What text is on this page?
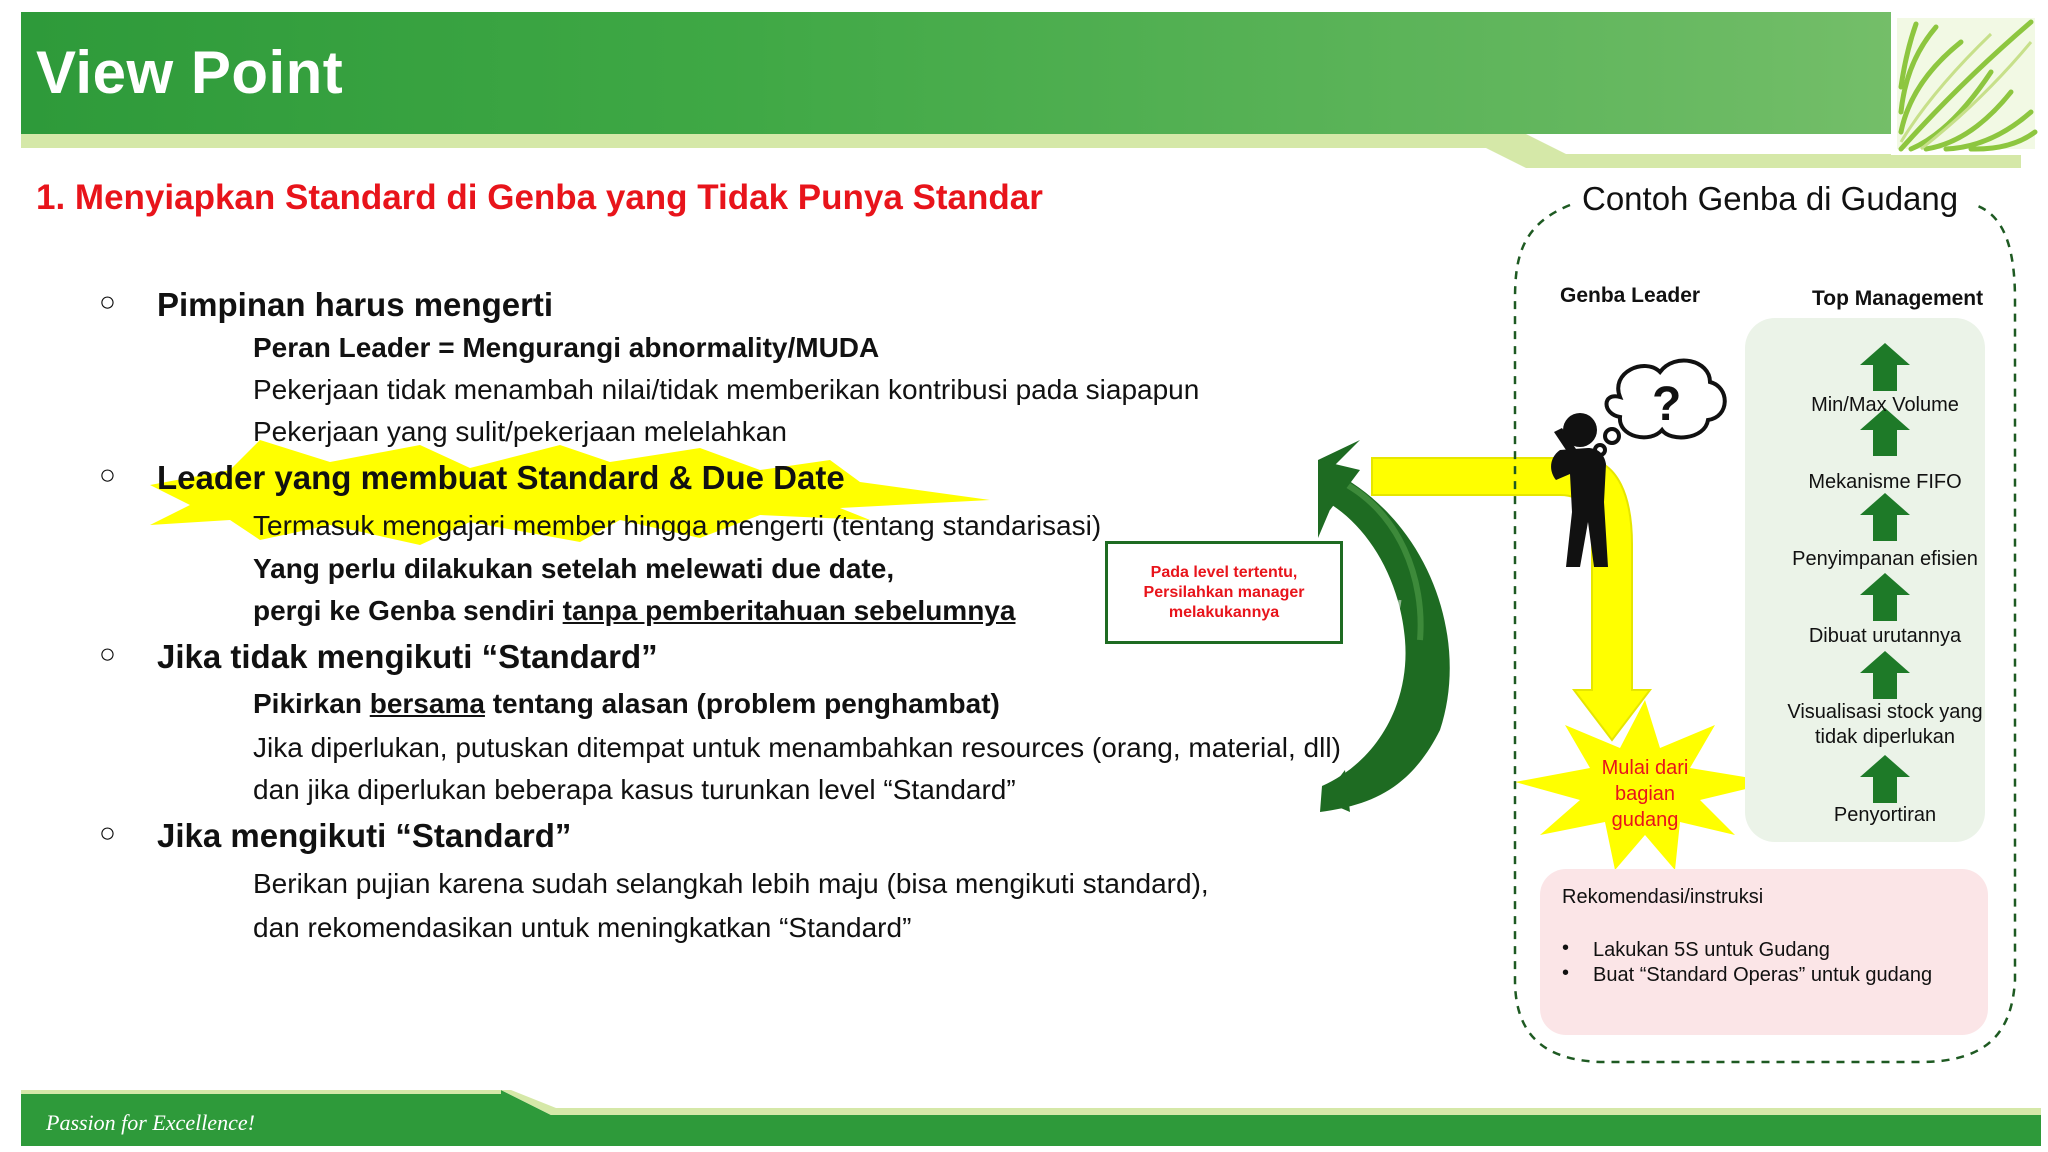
View Point
1. Menyiapkan Standard di Genba yang Tidak Punya Standar
○ Pimpinan harus mengerti
Peran Leader = Mengurangi abnormality/MUDA
Pekerjaan tidak menambah nilai/tidak memberikan kontribusi pada siapapun
Pekerjaan yang sulit/pekerjaan melelahkan
○ Leader yang membuat Standard & Due Date
Termasuk mengajari member hingga mengerti (tentang standarisasi)
Yang perlu dilakukan setelah melewati due date,
pergi ke Genba sendiri tanpa pemberitahuan sebelumnya
○ Jika tidak mengikuti “Standard”
Pikirkan bersama tentang alasan (problem penghambat)
Jika diperlukan, putuskan ditempat untuk menambahkan resources (orang, material, dll)
dan jika diperlukan beberapa kasus turunkan level “Standard”
○ Jika mengikuti “Standard”
Berikan pujian karena sudah selangkah lebih maju (bisa mengikuti standard),
dan rekomendasikan untuk meningkatkan “Standard”
Pada level tertentu, Persilahkan manager melakukannya
Contoh Genba di Gudang
Genba Leader	Top Management
?	Min/Max Volume
Mekanisme FIFO
Penyimpanan efisien
Dibuat urutannya
Visualisasi stock yang tidak diperlukan
Penyortiran
Mulai dari bagian gudang
Rekomendasi/instruksi
• Lakukan 5S untuk Gudang
• Buat “Standard Operas” untuk gudang
Passion for Excellence!
